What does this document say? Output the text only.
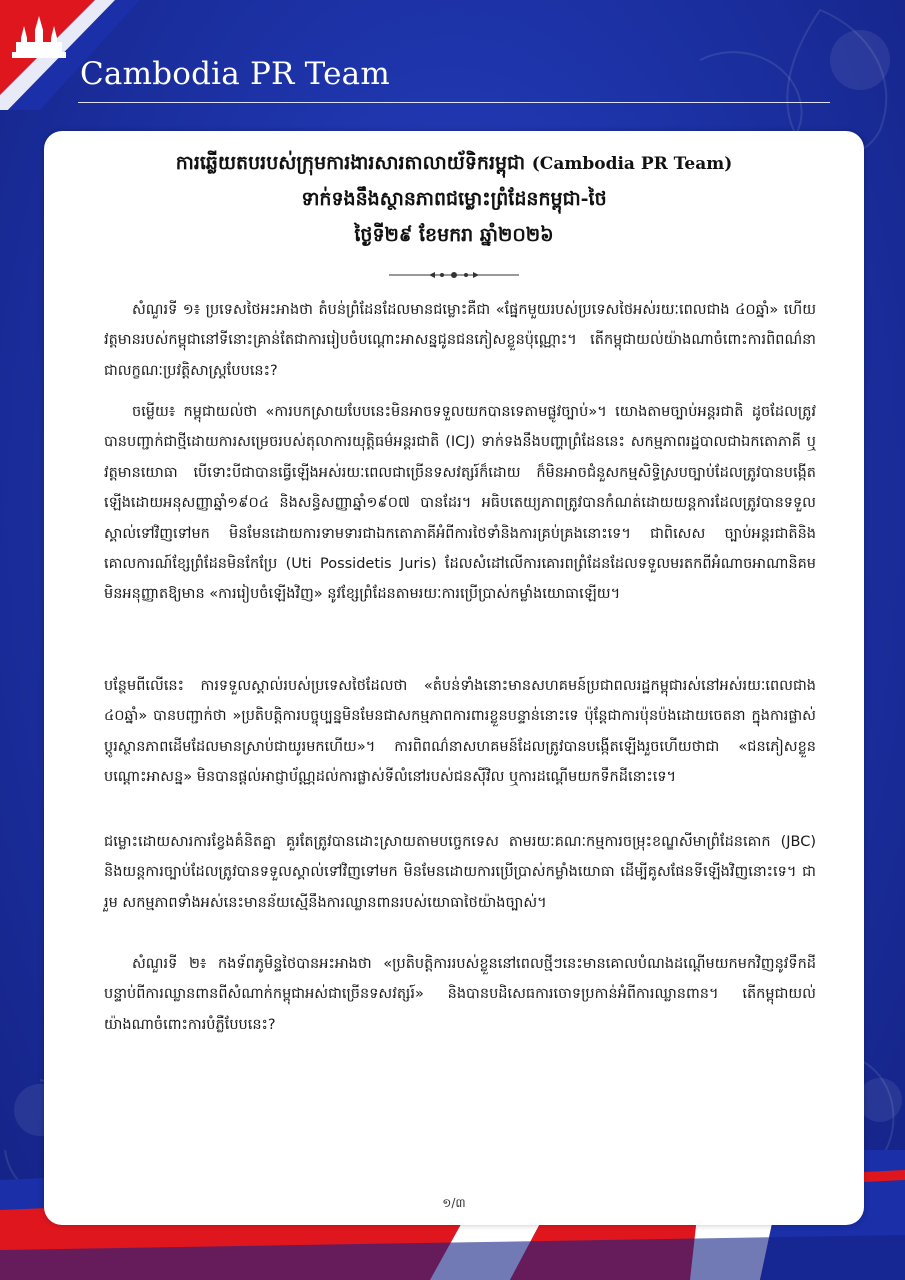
Cambodia PR Team
ការឆ្លើយតបរបស់ក្រុមការងារសារតាលាយ័ទិករម្ពុជា (Cambodia PR Team)
ទាក់ទងនឹងស្ថានភាពជម្លោះព្រំដែនកម្ពុជា-ថៃ
ថ្ងៃទី២៩ ខែមករា ឆ្នាំ២០២៦

សំណួរទី ១៖ ប្រទេសថៃអះអាងថា តំបន់ព្រំដែនដែលមានជម្លោះគឺជា «ផ្នែកមួយរបស់ប្រទេសថៃអស់រយៈពេលជាង ៤០ឆ្នាំ» ហើយវត្តមានរបស់កម្ពុជានៅទីនោះគ្រាន់តែជាការរៀបចំបណ្ដោះអាសន្នជូនជនភៀសខ្លួនប៉ុណ្ណោះ។ តើកម្ពុជាយល់យ៉ាងណាចំពោះការពិពណ៌នាជាលក្ខណៈប្រវត្តិសាស្ត្របែបនេះ?

ចម្លើយ៖ កម្ពុជាយល់ថា «ការបកស្រាយបែបនេះមិនអាចទទួលយកបានទេតាមផ្លូវច្បាប់»។ យោងតាមច្បាប់អន្តរជាតិ ដូចដែលត្រូវបានបញ្ជាក់ជាថ្មីដោយការសម្រេចរបស់តុលាការយុត្តិធម៌អន្តរជាតិ (ICJ) ទាក់ទងនឹងបញ្ហាព្រំដែននេះ សកម្មភាពរដ្ឋបាលជាឯកតោភាគី ឬវត្តមានយោធា បើទោះបីជាបានធ្វើឡើងអស់រយៈពេលជាច្រើនទសវត្សរ៍ក៏ដោយ ក៏មិនអាចជំនួសកម្មសិទ្ធិស្របច្បាប់ដែលត្រូវបានបង្កើតឡើងដោយអនុសញ្ញាឆ្នាំ១៩០៤ និងសន្ធិសញ្ញាឆ្នាំ១៩០៧ បានដែរ។ អធិបតេយ្យភាពត្រូវបានកំណត់ដោយយន្តការដែលត្រូវបានទទួលស្គាល់ទៅវិញទៅមក មិនមែនដោយការទាមទារជាឯកតោភាគីអំពីការថៃទាំនិងការគ្រប់គ្រងនោះទេ។ ជាពិសេស ច្បាប់អន្តរជាតិនិងគោលការណ៍ខ្សែព្រំដែនមិនកែប្រែ (Uti Possidetis Juris) ដែលសំដៅលើការគោរពព្រំដែនដែលទទួលមរតកពីអំណាចអាណានិគម មិនអនុញ្ញាតឱ្យមាន «ការរៀបចំឡើងវិញ» នូវខ្សែព្រំដែនតាមរយៈការប្រើប្រាស់កម្លាំងយោធាឡើយ។

បន្ថែមពីលើនេះ ការទទួលស្គាល់របស់ប្រទេសថៃដែលថា «តំបន់ទាំងនោះមានសហគមន៍ប្រជាពលរដ្ឋកម្ពុជារស់នៅអស់រយៈពេលជាង ៤០ឆ្នាំ» បានបញ្ជាក់ថា »ប្រតិបត្តិការបច្ចុប្បន្នមិនមែនជាសកម្មភាពការពារខ្លួនបន្ទាន់នោះទេ ប៉ុន្តែជាការប៉ុនប៉ងដោយចេតនា ក្នុងការផ្លាស់ប្តូរស្ថានភាពដើមដែលមានស្រាប់ជាយូរមកហើយ»។ ការពិពណ៌នាសហគមន៍ដែលត្រូវបានបង្កើតឡើងរួចហើយថាជា «ជនភៀសខ្លួនបណ្ដោះអាសន្ន» មិនបានផ្តល់អាជ្ញាប័ណ្ណដល់ការផ្លាស់ទីលំនៅរបស់ជនស៊ីវិល ឬការដណ្តើមយកទឹកដីនោះទេ។

ជម្លោះដោយសារការខ្វែងគំនិតគ្នា គួរតែត្រូវបានដោះស្រាយតាមបច្ចេកទេស តាមរយៈគណៈកម្មការចម្រុះខណ្ឌសីមាព្រំដែនគោក (JBC) និងយន្តការច្បាប់ដែលត្រូវបានទទួលស្គាល់ទៅវិញទៅមក មិនមែនដោយការប្រើប្រាស់កម្លាំងយោធា ដើម្បីគូសផែនទីឡើងវិញនោះទេ។ ជារួម សកម្មភាពទាំងអស់នេះមានន័យស្មើនឹងការឈ្លានពានរបស់យោធាថៃយ៉ាងច្បាស់។

សំណួរទី ២៖ កងទ័ពភូមិន្ទថៃបានអះអាងថា «ប្រតិបត្តិការរបស់ខ្លួននៅពេលថ្មីៗនេះមានគោលបំណងដណ្តើមយកមកវិញនូវទឹកដី បន្ទាប់ពីការឈ្លានពានពីសំណាក់កម្ពុជាអស់ជាច្រើនទសវត្សរ៍» និងបានបដិសេធការចោទប្រកាន់អំពីការឈ្លានពាន។ តើកម្ពុជាយល់យ៉ាងណាចំពោះការបំភ្លឺបែបនេះ?

១/៣
